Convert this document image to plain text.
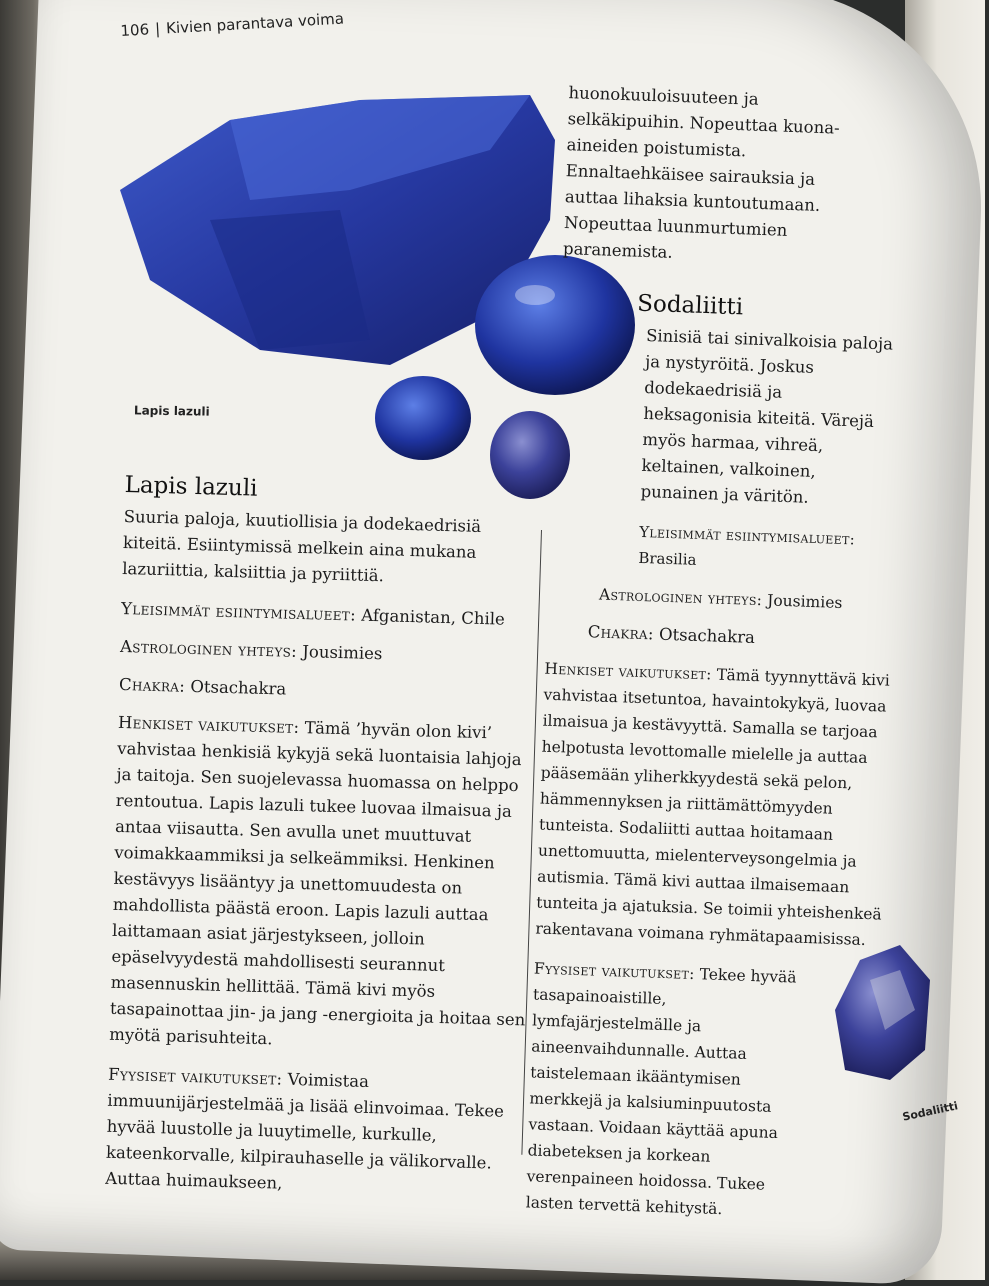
106 | Kivien parantava voima
Lapis lazuli
Sodaliitti
Lapis lazuli

Suuria paloja, kuutiollisia ja dodekaedrisiä kiteitä. Esiintymissä melkein aina mukana lazuriittia, kalsiittia ja pyriittiä.

Yleisimmät esiintymisalueet: Afganistan, Chile

Astrologinen yhteys: Jousimies

Chakra: Otsachakra

Henkiset vaikutukset: Tämä ’hyvän olon kivi’ vahvistaa henkisiä kykyjä sekä luontaisia lahjoja ja taitoja. Sen suojelevassa huomassa on helppo rentoutua. Lapis lazuli tukee luovaa ilmaisua ja antaa viisautta. Sen avulla unet muuttuvat voimakkaammiksi ja selkeämmiksi. Henkinen kestävyys lisääntyy ja unettomuudesta on mahdollista päästä eroon. Lapis lazuli auttaa laittamaan asiat järjestykseen, jolloin epäselvyydestä mahdollisesti seurannut masennuskin hellittää. Tämä kivi myös tasapainottaa jin- ja jang -energioita ja hoitaa sen myötä parisuhteita.

Fyysiset vaikutukset: Voimistaa immuunijärjestelmää ja lisää elinvoimaa. Tekee hyvää luustolle ja luuytimelle, kurkulle, kateenkorvalle, kilpirauhaselle ja välikorvalle. Auttaa huimaukseen,

huonokuuloisuuteen ja selkäkipuihin. Nopeuttaa kuona-aineiden poistumista. Ennaltaehkäisee sairauksia ja auttaa lihaksia kuntoutumaan. Nopeuttaa luunmurtumien paranemista.

Sodaliitti

Sinisiä tai sinivalkoisia paloja ja nystyröitä. Joskus dodekaedrisiä ja heksagonisia kiteitä. Värejä myös harmaa, vihreä, keltainen, valkoinen, punainen ja väritön.

Yleisimmät esiintymisalueet: Brasilia

Astrologinen yhteys: Jousimies

Chakra: Otsachakra

Henkiset vaikutukset: Tämä tyynnyttävä kivi vahvistaa itsetuntoa, havaintokykyä, luovaa ilmaisua ja kestävyyttä. Samalla se tarjoaa helpotusta levottomalle mielelle ja auttaa pääsemään yliherkkyydestä sekä pelon, hämmennyksen ja riittämättömyyden tunteista. Sodaliitti auttaa hoitamaan unettomuutta, mielenterveysongelmia ja autismia. Tämä kivi auttaa ilmaisemaan tunteita ja ajatuksia. Se toimii yhteishenkeä rakentavana voimana ryhmätapaamisissa.

Fyysiset vaikutukset: Tekee hyvää tasapainoaistille, lymfajärjestelmälle ja aineenvaihdunnalle. Auttaa taistelemaan ikääntymisen merkkejä ja kalsiuminpuutosta vastaan. Voidaan käyttää apuna diabeteksen ja korkean verenpaineen hoidossa. Tukee lasten tervettä kehitystä.
